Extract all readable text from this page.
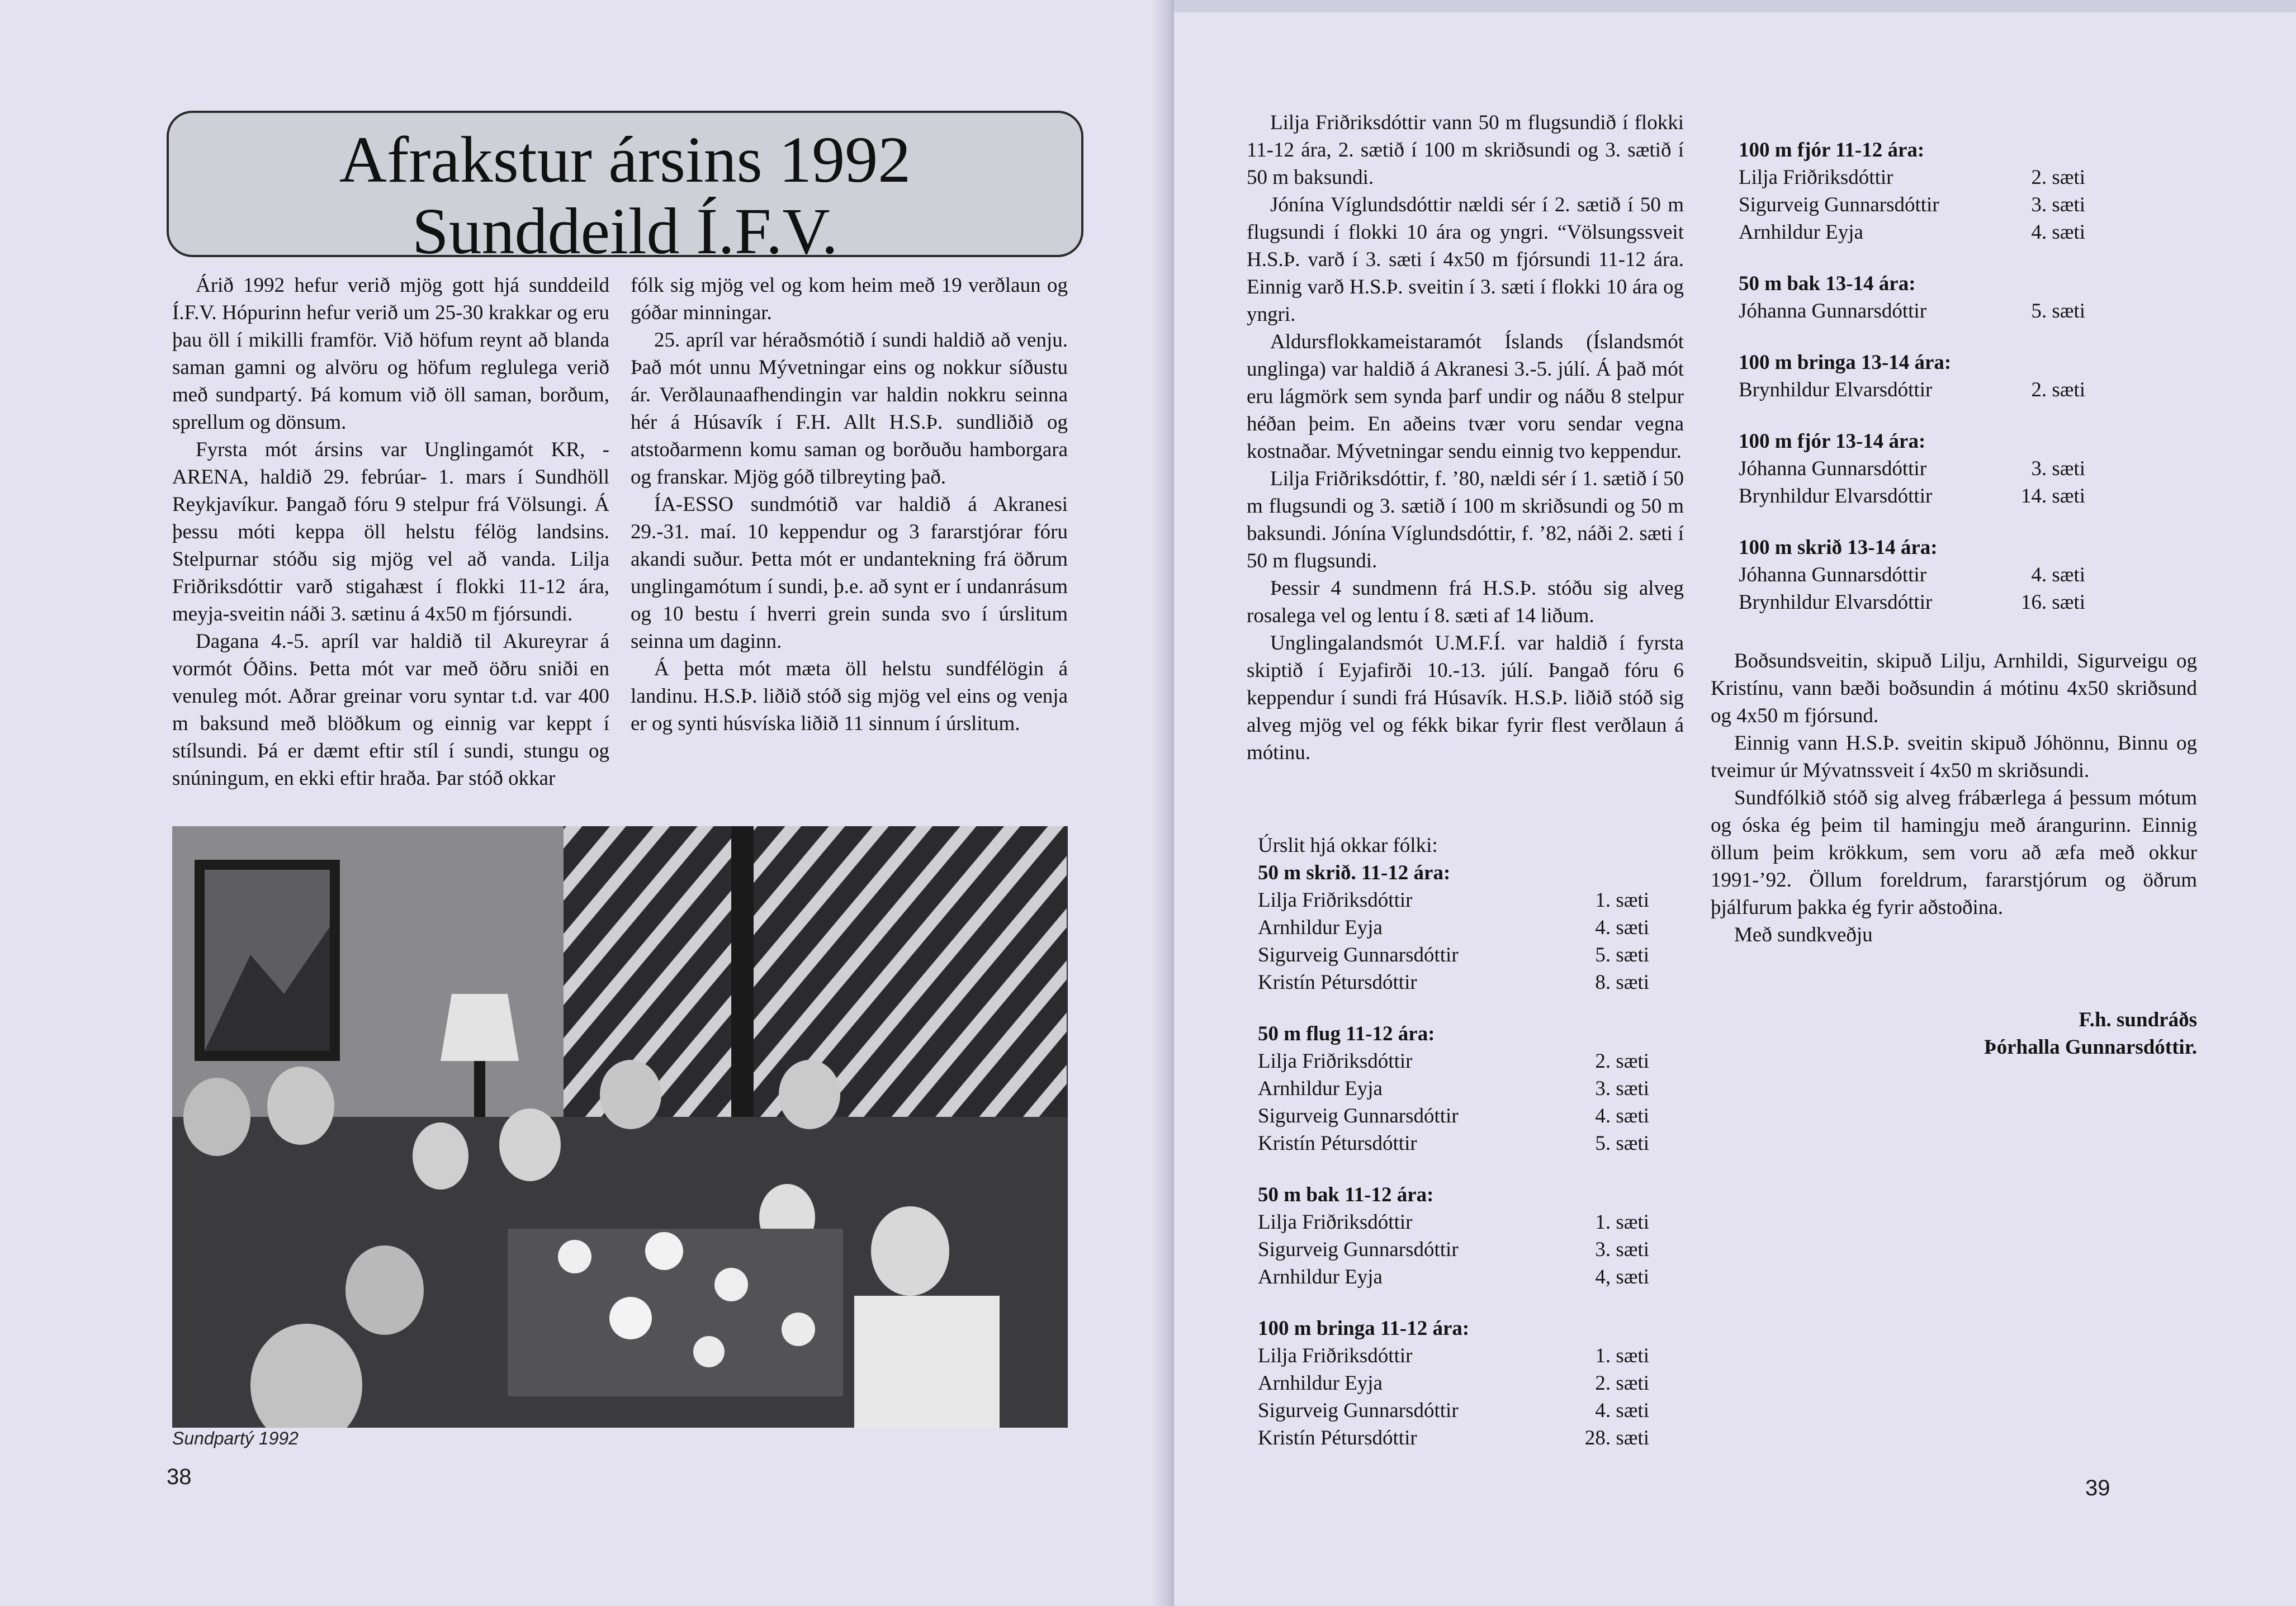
Afrakstur ársins 1992
Sunddeild Í.F.V.

Árið 1992 hefur verið mjög gott hjá sunddeild Í.F.V. Hópurinn hefur verið um 25-30 krakkar og eru þau öll í mikilli framför. Við höfum reynt að blanda saman gamni og alvöru og höfum reglulega verið með sundpartý. Þá komum við öll saman, borðum, sprellum og dönsum.

Fyrsta mót ársins var Unglingamót KR, - ARENA, haldið 29. febrúar- 1. mars í Sundhöll Reykjavíkur. Þangað fóru 9 stelpur frá Völsungi. Á þessu móti keppa öll helstu félög landsins. Stelpurnar stóðu sig mjög vel að vanda. Lilja Friðriksdóttir varð stigahæst í flokki 11-12 ára, meyja-sveitin náði 3. sætinu á 4x50 m fjórsundi.

Dagana 4.-5. apríl var haldið til Akureyrar á vormót Óðins. Þetta mót var með öðru sniði en venuleg mót. Aðrar greinar voru syntar t.d. var 400 m baksund með blöðkum og einnig var keppt í stílsundi. Þá er dæmt eftir stíl í sundi, stungu og snúningum, en ekki eftir hraða. Þar stóð okkar

fólk sig mjög vel og kom heim með 19 verðlaun og góðar minningar.

25. apríl var héraðsmótið í sundi haldið að venju. Það mót unnu Mývetningar eins og nokkur síðustu ár. Verðlaunaafhendingin var haldin nokkru seinna hér á Húsavík í F.H. Allt H.S.Þ. sundliðið og atstoðarmenn komu saman og borðuðu hamborgara og franskar. Mjög góð tilbreyting það.

ÍA-ESSO sundmótið var haldið á Akranesi 29.-31. maí. 10 keppendur og 3 fararstjórar fóru akandi suður. Þetta mót er undantekning frá öðrum unglingamótum í sundi, þ.e. að synt er í undanrásum og 10 bestu í hverri grein sunda svo í úrslitum seinna um daginn.

Á þetta mót mæta öll helstu sundfélögin á landinu. H.S.Þ. liðið stóð sig mjög vel eins og venja er og synti húsvíska liðið 11 sinnum í úrslitum.

Sundpartý 1992
38

Lilja Friðriksdóttir vann 50 m flugsundið í flokki 11-12 ára, 2. sætið í 100 m skriðsundi og 3. sætið í 50 m baksundi.

Jónína Víglundsdóttir nældi sér í 2. sætið í 50 m flugsundi í flokki 10 ára og yngri. “Völsungssveit H.S.Þ. varð í 3. sæti í 4x50 m fjórsundi 11-12 ára. Einnig varð H.S.Þ. sveitin í 3. sæti í flokki 10 ára og yngri.

Aldursflokkameistaramót Íslands (Íslandsmót unglinga) var haldið á Akranesi 3.-5. júlí. Á það mót eru lágmörk sem synda þarf undir og náðu 8 stelpur héðan þeim. En aðeins tvær voru sendar vegna kostnaðar. Mývetningar sendu einnig tvo keppendur.

Lilja Friðriksdóttir, f. ’80, nældi sér í 1. sætið í 50 m flugsundi og 3. sætið í 100 m skriðsundi og 50 m baksundi. Jónína Víglundsdóttir, f. ’82, náði 2. sæti í 50 m flugsundi.

Þessir 4 sundmenn frá H.S.Þ. stóðu sig alveg rosalega vel og lentu í 8. sæti af 14 liðum.

Unglingalandsmót U.M.F.Í. var haldið í fyrsta skiptið í Eyjafirði 10.-13. júlí. Þangað fóru 6 keppendur í sundi frá Húsavík. H.S.Þ. liðið stóð sig alveg mjög vel og fékk bikar fyrir flest verðlaun á mótinu.

Úrslit hjá okkar fólki:

50 m skrið. 11-12 ára:
Lilja Friðriksdóttir	1. sæti
Arnhildur Eyja	4. sæti
Sigurveig Gunnarsdóttir	5. sæti
Kristín Pétursdóttir	8. sæti
50 m flug 11-12 ára:
Lilja Friðriksdóttir	2. sæti
Arnhildur Eyja	3. sæti
Sigurveig Gunnarsdóttir	4. sæti
Kristín Pétursdóttir	5. sæti
50 m bak 11-12 ára:
Lilja Friðriksdóttir	1. sæti
Sigurveig Gunnarsdóttir	3. sæti
Arnhildur Eyja	4, sæti
100 m bringa 11-12 ára:
Lilja Friðriksdóttir	1. sæti
Arnhildur Eyja	2. sæti
Sigurveig Gunnarsdóttir	4. sæti
Kristín Pétursdóttir	28. sæti
100 m fjór 11-12 ára:
Lilja Friðriksdóttir	2. sæti
Sigurveig Gunnarsdóttir	3. sæti
Arnhildur Eyja	4. sæti
50 m bak 13-14 ára:
Jóhanna Gunnarsdóttir	5. sæti
100 m bringa 13-14 ára:
Brynhildur Elvarsdóttir	2. sæti
100 m fjór 13-14 ára:
Jóhanna Gunnarsdóttir	3. sæti
Brynhildur Elvarsdóttir	14. sæti
100 m skrið 13-14 ára:
Jóhanna Gunnarsdóttir	4. sæti
Brynhildur Elvarsdóttir	16. sæti

Boðsundsveitin, skipuð Lilju, Arnhildi, Sigurveigu og Kristínu, vann bæði boðsundin á mótinu 4x50 skriðsund og 4x50 m fjórsund.

Einnig vann H.S.Þ. sveitin skipuð Jóhönnu, Binnu og tveimur úr Mývatnssveit í 4x50 m skriðsundi.

Sundfólkið stóð sig alveg frábærlega á þessum mótum og óska ég þeim til hamingju með árangurinn. Einnig öllum þeim krökkum, sem voru að æfa með okkur 1991-’92. Öllum foreldrum, fararstjórum og öðrum þjálfurum þakka ég fyrir aðstoðina.

Með sundkveðju

F.h. sundráðs
Þórhalla Gunnarsdóttir.
39
